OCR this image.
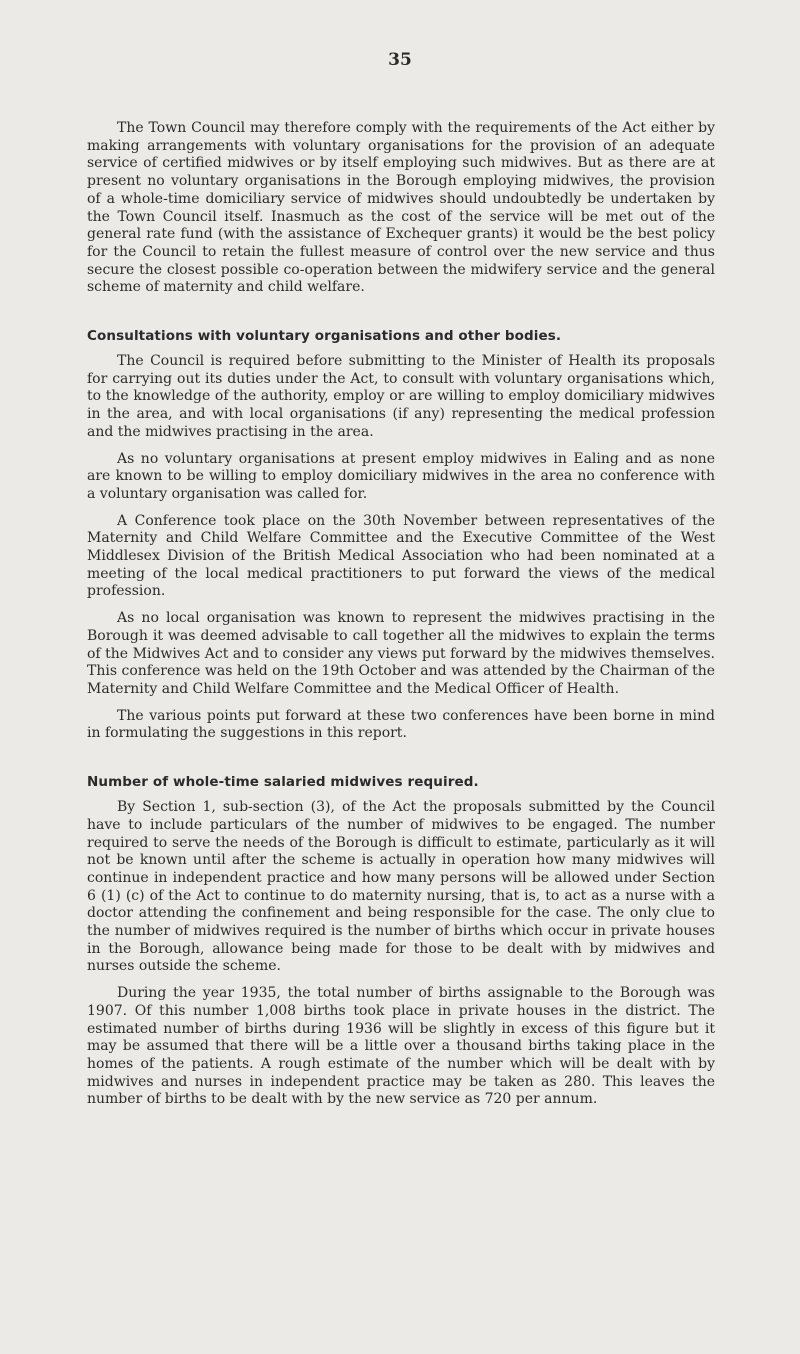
35

The Town Council may therefore comply with the requirements of the Act either by making arrangements with voluntary organisations for the provision of an adequate service of certified midwives or by itself employing such midwives. But as there are at present no voluntary organisations in the Borough employing midwives, the provision of a whole-time domiciliary service of midwives should undoubtedly be undertaken by the Town Council itself. Inasmuch as the cost of the service will be met out of the general rate fund (with the assistance of Exchequer grants) it would be the best policy for the Council to retain the fullest measure of control over the new service and thus secure the closest possible co-operation between the midwifery service and the general scheme of maternity and child welfare.

Consultations with voluntary organisations and other bodies.

The Council is required before submitting to the Minister of Health its proposals for carrying out its duties under the Act, to consult with voluntary organisations which, to the knowledge of the authority, employ or are willing to employ domiciliary midwives in the area, and with local organisations (if any) representing the medical profession and the midwives practising in the area.

As no voluntary organisations at present employ midwives in Ealing and as none are known to be willing to employ domiciliary midwives in the area no conference with a voluntary organisation was called for.

A Conference took place on the 30th November between representatives of the Maternity and Child Welfare Committee and the Executive Committee of the West Middlesex Division of the British Medical Association who had been nominated at a meeting of the local medical practitioners to put forward the views of the medical profession.

As no local organisation was known to represent the midwives practising in the Borough it was deemed advisable to call together all the midwives to explain the terms of the Midwives Act and to consider any views put forward by the midwives themselves. This conference was held on the 19th October and was attended by the Chairman of the Maternity and Child Welfare Committee and the Medical Officer of Health.

The various points put forward at these two conferences have been borne in mind in formulating the suggestions in this report.

Number of whole-time salaried midwives required.

By Section 1, sub-section (3), of the Act the proposals submitted by the Council have to include particulars of the number of midwives to be engaged. The number required to serve the needs of the Borough is difficult to estimate, particularly as it will not be known until after the scheme is actually in operation how many midwives will continue in independent practice and how many persons will be allowed under Section 6 (1) (c) of the Act to continue to do maternity nursing, that is, to act as a nurse with a doctor attending the confinement and being responsible for the case. The only clue to the number of midwives required is the number of births which occur in private houses in the Borough, allowance being made for those to be dealt with by midwives and nurses outside the scheme.

During the year 1935, the total number of births assignable to the Borough was 1907. Of this number 1,008 births took place in private houses in the district. The estimated number of births during 1936 will be slightly in excess of this figure but it may be assumed that there will be a little over a thousand births taking place in the homes of the patients. A rough estimate of the number which will be dealt with by midwives and nurses in independent practice may be taken as 280. This leaves the number of births to be dealt with by the new service as 720 per annum.
